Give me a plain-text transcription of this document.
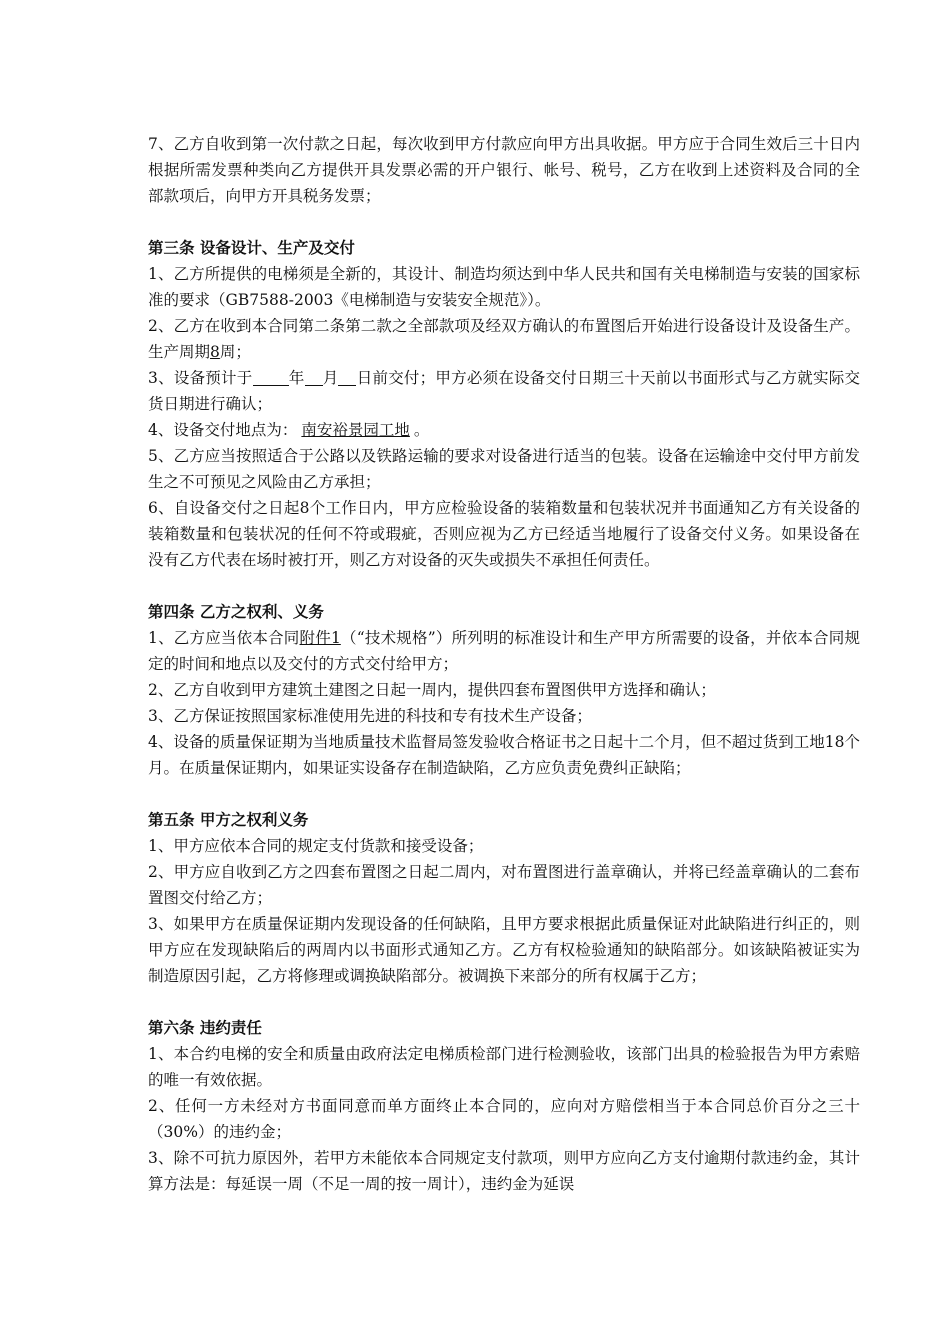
7、乙方自收到第一次付款之日起，每次收到甲方付款应向甲方出具收据。甲方应于合同生效后三十日内根据所需发票种类向乙方提供开具发票必需的开户银行、帐号、税号，乙方在收到上述资料及合同的全部款项后，向甲方开具税务发票；

第三条 设备设计、生产及交付

1、乙方所提供的电梯须是全新的，其设计、制造均须达到中华人民共和国有关电梯制造与安装的国家标准的要求（GB7588-2003《电梯制造与安装安全规范》）。

2、乙方在收到本合同第二条第二款之全部款项及经双方确认的布置图后开始进行设备设计及设备生产。生产周期8周；

3、设备预计于 年 月 日前交付；甲方必须在设备交付日期三十天前以书面形式与乙方就实际交货日期进行确认；

4、设备交付地点为： 南安裕景园工地 。

5、乙方应当按照适合于公路以及铁路运输的要求对设备进行适当的包装。设备在运输途中交付甲方前发生之不可预见之风险由乙方承担；

6、自设备交付之日起8个工作日内，甲方应检验设备的装箱数量和包装状况并书面通知乙方有关设备的装箱数量和包装状况的任何不符或瑕疵，否则应视为乙方已经适当地履行了设备交付义务。如果设备在没有乙方代表在场时被打开，则乙方对设备的灭失或损失不承担任何责任。

第四条 乙方之权利、义务

1、乙方应当依本合同附件1（“技术规格”）所列明的标准设计和生产甲方所需要的设备，并依本合同规定的时间和地点以及交付的方式交付给甲方；

2、乙方自收到甲方建筑土建图之日起一周内，提供四套布置图供甲方选择和确认；

3、乙方保证按照国家标准使用先进的科技和专有技术生产设备；

4、设备的质量保证期为当地质量技术监督局签发验收合格证书之日起十二个月，但不超过货到工地18个月。在质量保证期内，如果证实设备存在制造缺陷，乙方应负责免费纠正缺陷；

第五条 甲方之权利义务

1、甲方应依本合同的规定支付货款和接受设备；

2、甲方应自收到乙方之四套布置图之日起二周内，对布置图进行盖章确认，并将已经盖章确认的二套布置图交付给乙方；

3、如果甲方在质量保证期内发现设备的任何缺陷，且甲方要求根据此质量保证对此缺陷进行纠正的，则甲方应在发现缺陷后的两周内以书面形式通知乙方。乙方有权检验通知的缺陷部分。如该缺陷被证实为制造原因引起，乙方将修理或调换缺陷部分。被调换下来部分的所有权属于乙方；

第六条 违约责任

1、本合约电梯的安全和质量由政府法定电梯质检部门进行检测验收，该部门出具的检验报告为甲方索赔的唯一有效依据。

2、任何一方未经对方书面同意而单方面终止本合同的，应向对方赔偿相当于本合同总价百分之三十（30%）的违约金；

3、除不可抗力原因外，若甲方未能依本合同规定支付款项，则甲方应向乙方支付逾期付款违约金，其计算方法是：每延误一周（不足一周的按一周计），违约金为延误
